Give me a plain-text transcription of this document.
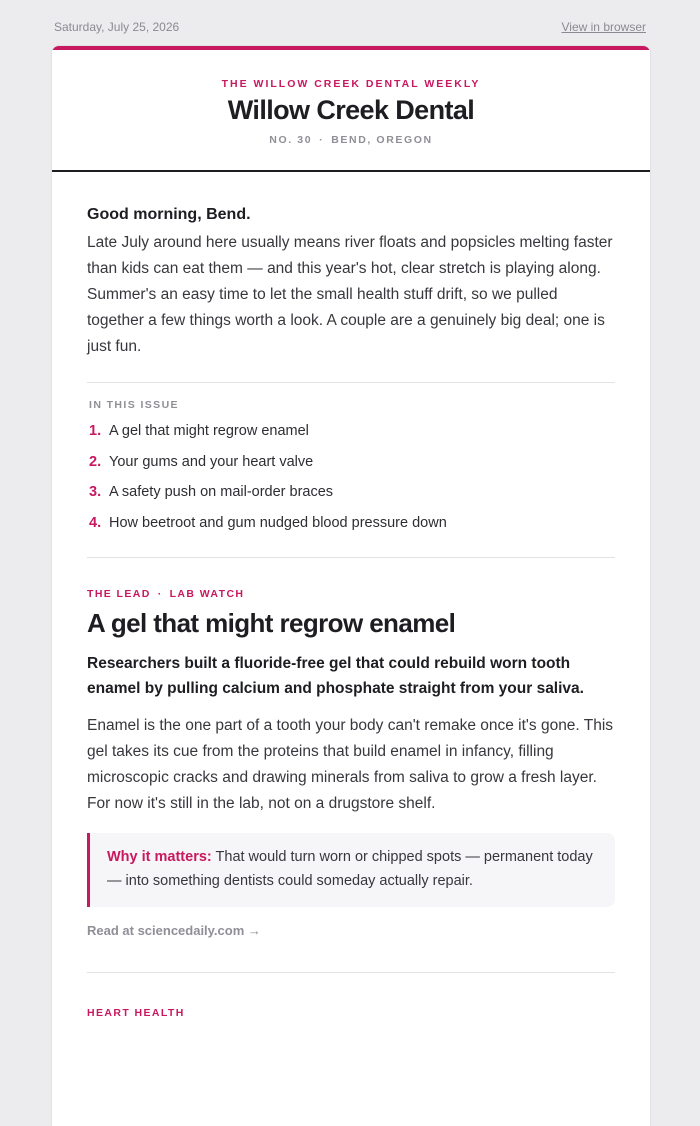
Saturday, July 25, 2026	View in browser
THE WILLOW CREEK DENTAL WEEKLY
Willow Creek Dental
NO. 30 · BEND, OREGON
Good morning, Bend.
Late July around here usually means river floats and popsicles melting faster than kids can eat them — and this year's hot, clear stretch is playing along. Summer's an easy time to let the small health stuff drift, so we pulled together a few things worth a look. A couple are a genuinely big deal; one is just fun.
IN THIS ISSUE
1. A gel that might regrow enamel
2. Your gums and your heart valve
3. A safety push on mail-order braces
4. How beetroot and gum nudged blood pressure down
THE LEAD · LAB WATCH
A gel that might regrow enamel
Researchers built a fluoride-free gel that could rebuild worn tooth enamel by pulling calcium and phosphate straight from your saliva.
Enamel is the one part of a tooth your body can't remake once it's gone. This gel takes its cue from the proteins that build enamel in infancy, filling microscopic cracks and drawing minerals from saliva to grow a fresh layer. For now it's still in the lab, not on a drugstore shelf.
Why it matters: That would turn worn or chipped spots — permanent today — into something dentists could someday actually repair.
Read at sciencedaily.com →
HEART HEALTH
